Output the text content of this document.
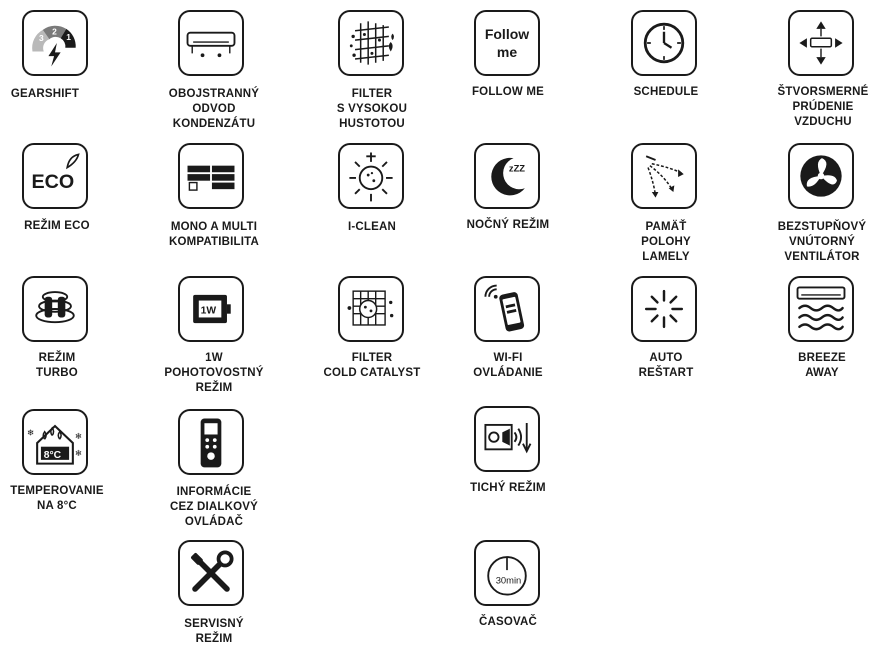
3
2
1
GEARSHIFT	OBOJSTRANNÝ
ODVOD
KONDENZÁTU
FILTER
S VYSOKOU
HUSTOTOU
Follow
me
FOLLOW ME	SCHEDULE	ŠTVORSMERNÉ
PRÚDENIE
VZDUCHU
ECO
REŽIM ECO	MONO A MULTI
KOMPATIBILITA
I-CLEAN
zZZ
NOČNÝ REŽIM	PAMÄŤ
POLOHY
LAMELY
BEZSTUPŇOVÝ
VNÚTORNÝ
VENTILÁTOR
REŽIM
TURBO
1W
1W
POHOTOVOSTNÝ
REŽIM
FILTER
COLD CATALYST
WI-FI
OVLÁDANIE
AUTO
REŠTART
BREEZE
AWAY
8°C
❄	❄
❄
TEMPEROVANIE
NA 8°C
INFORMÁCIE
CEZ DIALKOVÝ
OVLÁDAČ
TICHÝ REŽIM
SERVISNÝ
REŽIM
30min
ČASOVAČ
